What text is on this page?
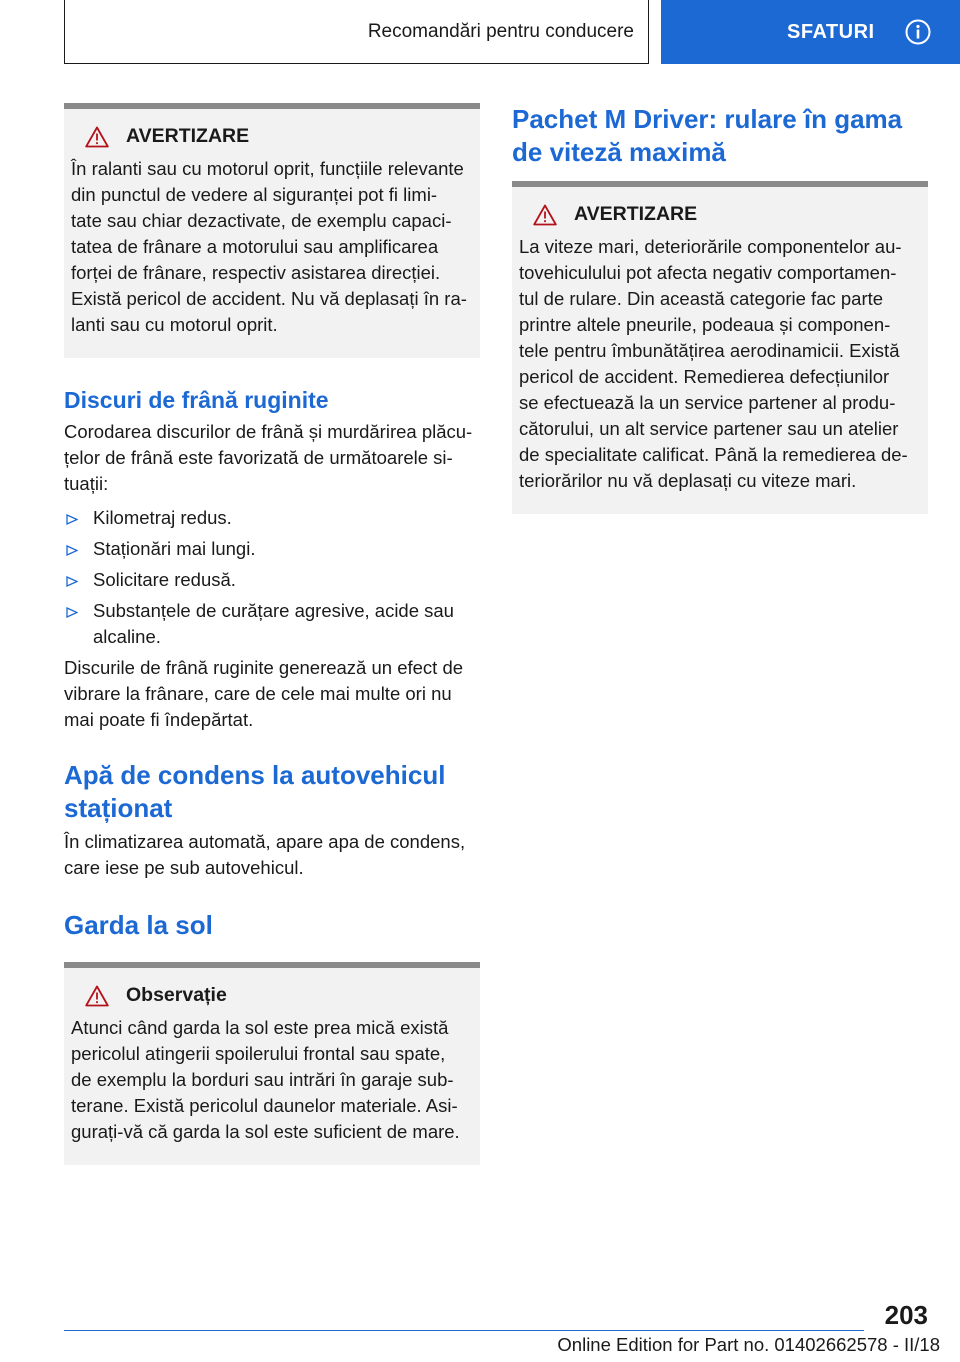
Recomandări pentru conducere	SFATURI
AVERTIZARE
În ralanti sau cu motorul oprit, funcțiile relevante
din punctul de vedere al siguranței pot fi limi-
tate sau chiar dezactivate, de exemplu capaci-
tatea de frânare a motorului sau amplificarea
forței de frânare, respectiv asistarea direcției.
Există pericol de accident. Nu vă deplasați în ra-
lanti sau cu motorul oprit.
Discuri de frână ruginite
Corodarea discurilor de frână și murdărirea plăcu-
țelor de frână este favorizată de următoarele si-
tuații:
Kilometraj redus.
Staționări mai lungi.
Solicitare redusă.
Substanțele de curățare agresive, acide sau
alcaline.
Discurile de frână ruginite generează un efect de
vibrare la frânare, care de cele mai multe ori nu
mai poate fi îndepărtat.
Apă de condens la autovehicul
staționat
În climatizarea automată, apare apa de condens,
care iese pe sub autovehicul.
Garda la sol
Observație
Atunci când garda la sol este prea mică există
pericolul atingerii spoilerului frontal sau spate,
de exemplu la borduri sau intrări în garaje sub-
terane. Există pericolul daunelor materiale. Asi-
gurați-vă că garda la sol este suficient de mare.
Pachet M Driver: rulare în gama
de viteză maximă
AVERTIZARE
La viteze mari, deteriorările componentelor au-
tovehiculului pot afecta negativ comportamen-
tul de rulare. Din această categorie fac parte
printre altele pneurile, podeaua și componen-
tele pentru îmbunătățirea aerodinamicii. Există
pericol de accident. Remedierea defecțiunilor
se efectuează la un service partener al produ-
cătorului, un alt service partener sau un atelier
de specialitate calificat. Până la remedierea de-
teriorărilor nu vă deplasați cu viteze mari.
203
Online Edition for Part no. 01402662578 - II/18
